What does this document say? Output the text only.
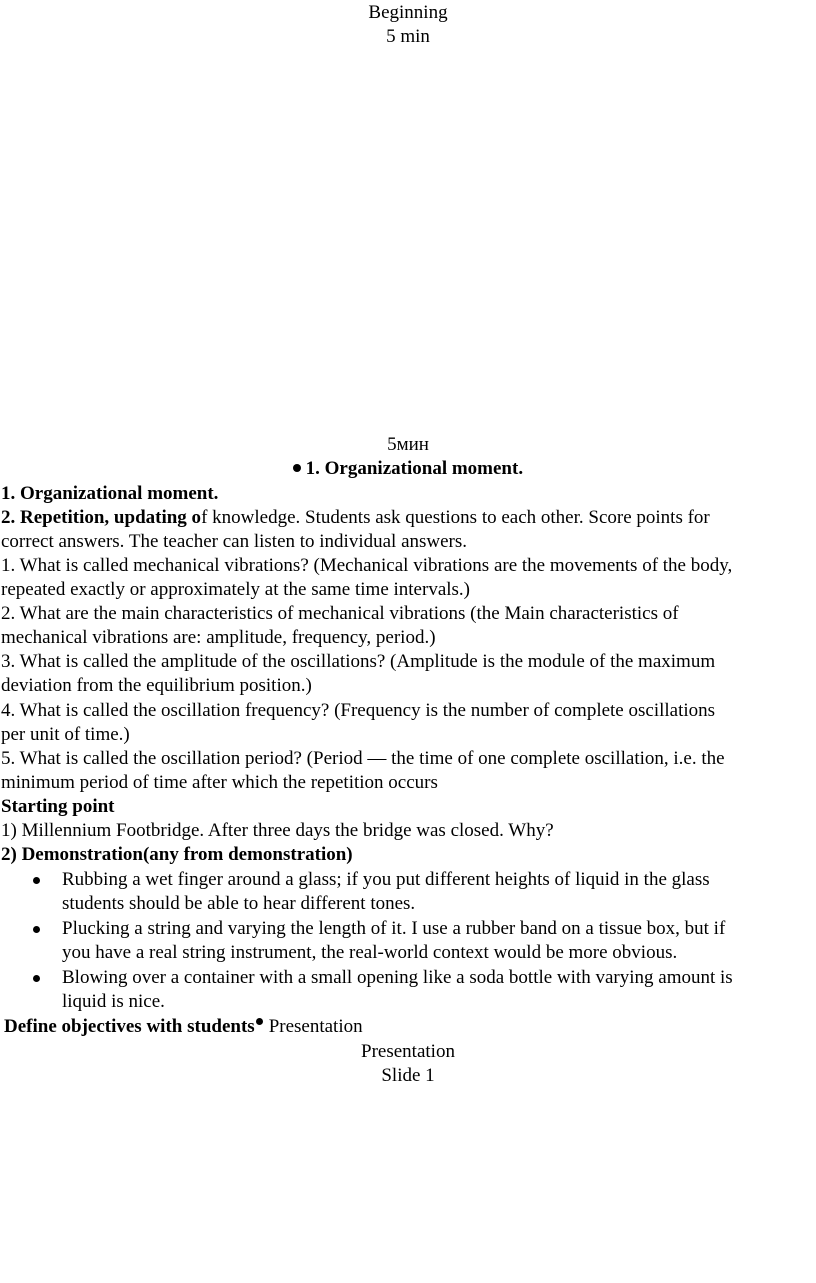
Beginning
5 min
5мин
1. Organizational moment.
1. Organizational moment.
2. Repetition, updating of knowledge. Students ask questions to each other. Score points for
correct answers. The teacher can listen to individual answers.
1. What is called mechanical vibrations? (Mechanical vibrations are the movements of the body,
repeated exactly or approximately at the same time intervals.)
2. What are the main characteristics of mechanical vibrations (the Main characteristics of
mechanical vibrations are: amplitude, frequency, period.)
3. What is called the amplitude of the oscillations? (Amplitude is the module of the maximum
deviation from the equilibrium position.)
4. What is called the oscillation frequency? (Frequency is the number of complete oscillations
per unit of time.)
5. What is called the oscillation period? (Period — the time of one complete oscillation, i.e. the
minimum period of time after which the repetition occurs
Starting point
1) Millennium Footbridge. After three days the bridge was closed. Why?
2) Demonstration(any from demonstration)
Rubbing a wet finger around a glass; if you put different heights of liquid in the glass
students should be able to hear different tones.
Plucking a string and varying the length of it. I use a rubber band on a tissue box, but if
you have a real string instrument, the real-world context would be more obvious.
Blowing over a container with a small opening like a soda bottle with varying amount is
liquid is nice.
Define objectives with students Presentation
Presentation
Slide 1
